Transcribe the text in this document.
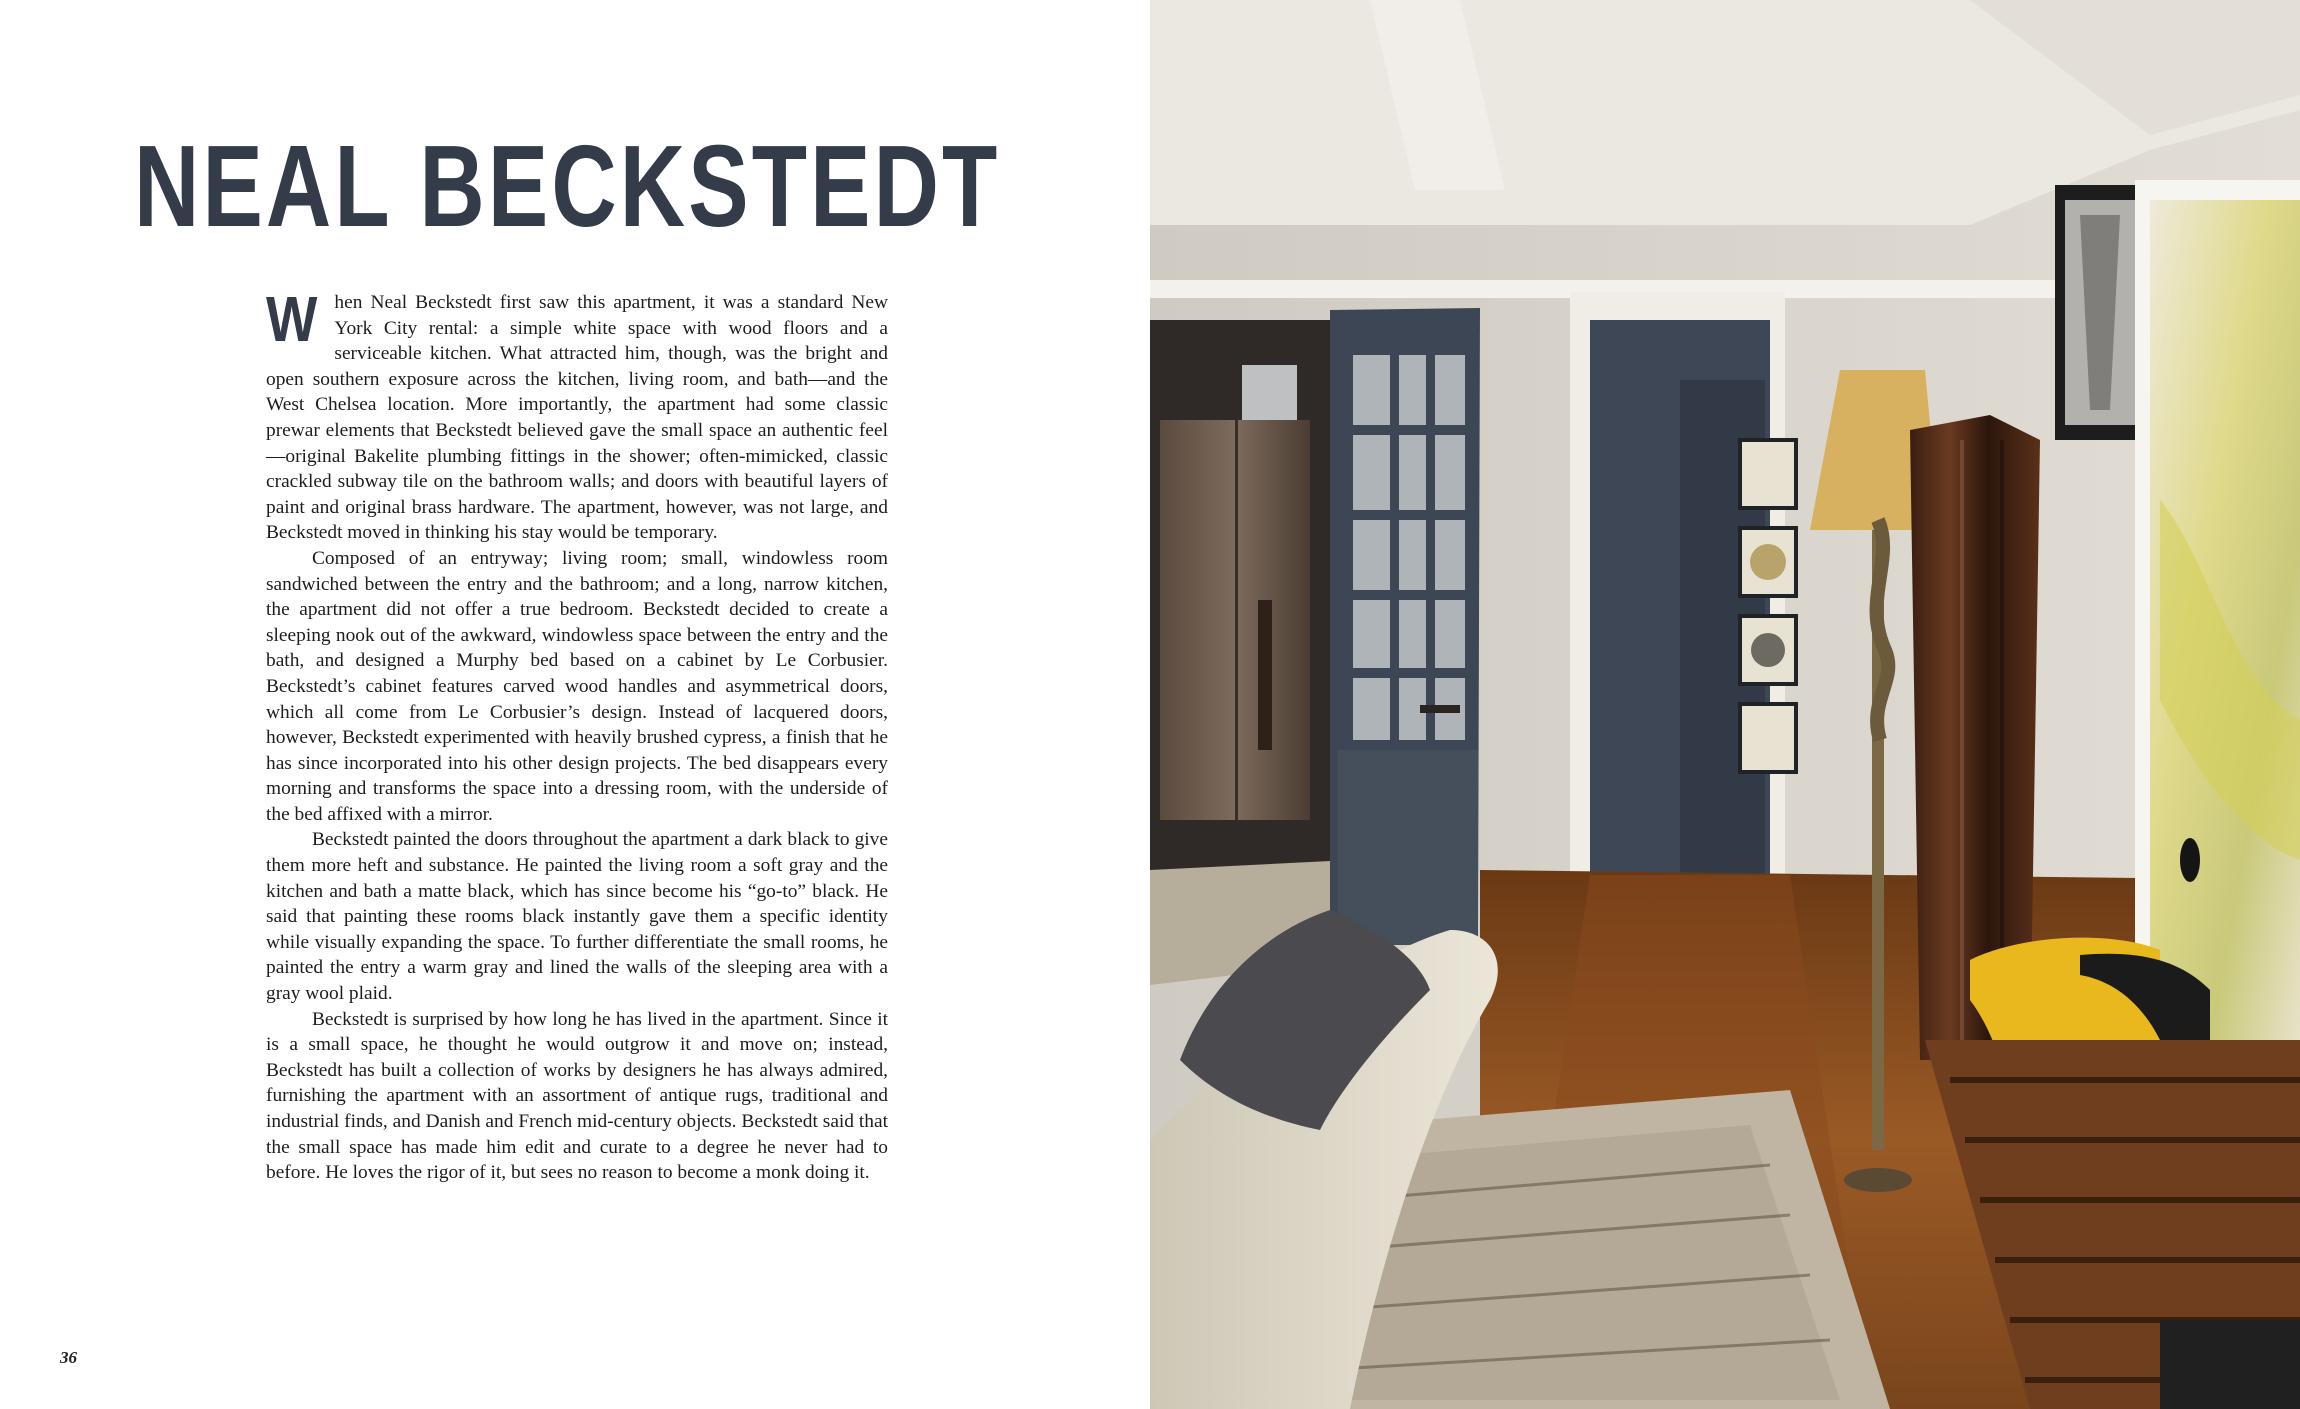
NEAL BECKSTEDT

When Neal Beckstedt first saw this apartment, it was a standard New York City rental: a simple white space with wood floors and a serviceable kitchen. What attracted him, though, was the bright and open southern exposure across the kitchen, living room, and bath—and the West Chelsea location. More importantly, the apartment had some classic prewar elements that Beckstedt believed gave the small space an authentic feel—original Bakelite plumbing fittings in the shower; often-mimicked, classic crackled subway tile on the bathroom walls; and doors with beautiful layers of paint and original brass hardware. The apartment, however, was not large, and Beckstedt moved in thinking his stay would be temporary.

Composed of an entryway; living room; small, windowless room sandwiched between the entry and the bathroom; and a long, narrow kitchen, the apartment did not offer a true bedroom. Beckstedt decided to create a sleeping nook out of the awkward, windowless space between the entry and the bath, and designed a Murphy bed based on a cabinet by Le Corbusier. Beckstedt’s cabinet features carved wood handles and asymmetrical doors, which all come from Le Corbusier’s design. Instead of lacquered doors, however, Beckstedt experimented with heavily brushed cypress, a finish that he has since incorporated into his other design projects. The bed disappears every morning and transforms the space into a dressing room, with the underside of the bed affixed with a mirror.

Beckstedt painted the doors throughout the apartment a dark black to give them more heft and substance. He painted the living room a soft gray and the kitchen and bath a matte black, which has since become his “go-to” black. He said that painting these rooms black instantly gave them a specific identity while visually expanding the space. To further differentiate the small rooms, he painted the entry a warm gray and lined the walls of the sleeping area with a gray wool plaid.

Beckstedt is surprised by how long he has lived in the apartment. Since it is a small space, he thought he would outgrow it and move on; instead, Beckstedt has built a collection of works by designers he has always admired, furnishing the apartment with an assortment of antique rugs, traditional and industrial finds, and Danish and French mid-century objects. Beckstedt said that the small space has made him edit and curate to a degree he never had to before. He loves the rigor of it, but sees no reason to become a monk doing it.

36
